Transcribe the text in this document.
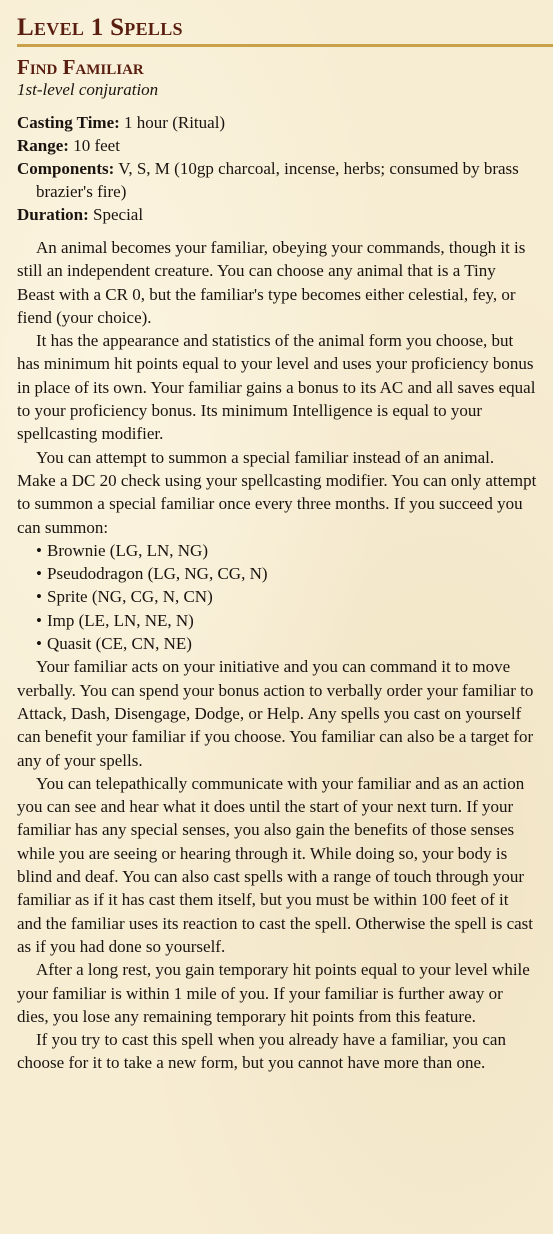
Level 1 Spells
Find Familiar

1st-level conjuration

Casting Time: 1 hour (Ritual)

Range: 10 feet

Components: V, S, M (10gp charcoal, incense, herbs; consumed by brass brazier's fire)

Duration: Special

An animal becomes your familiar, obeying your commands, though it is still an independent creature. You can choose any animal that is a Tiny Beast with a CR 0, but the familiar's type becomes either celestial, fey, or fiend (your choice).

It has the appearance and statistics of the animal form you choose, but has minimum hit points equal to your level and uses your proficiency bonus in place of its own. Your familiar gains a bonus to its AC and all saves equal to your proficiency bonus. Its minimum Intelligence is equal to your spellcasting modifier.

You can attempt to summon a special familiar instead of an animal. Make a DC 20 check using your spellcasting modifier. You can only attempt to summon a special familiar once every three months. If you succeed you can summon:

• Brownie (LG, LN, NG)
• Pseudodragon (LG, NG, CG, N)
• Sprite (NG, CG, N, CN)
• Imp (LE, LN, NE, N)
• Quasit (CE, CN, NE)

Your familiar acts on your initiative and you can command it to move verbally. You can spend your bonus action to verbally order your familiar to Attack, Dash, Disengage, Dodge, or Help. Any spells you cast on yourself can benefit your familiar if you choose. You familiar can also be a target for any of your spells.

You can telepathically communicate with your familiar and as an action you can see and hear what it does until the start of your next turn. If your familiar has any special senses, you also gain the benefits of those senses while you are seeing or hearing through it. While doing so, your body is blind and deaf. You can also cast spells with a range of touch through your familiar as if it has cast them itself, but you must be within 100 feet of it and the familiar uses its reaction to cast the spell. Otherwise the spell is cast as if you had done so yourself.

After a long rest, you gain temporary hit points equal to your level while your familiar is within 1 mile of you. If your familiar is further away or dies, you lose any remaining temporary hit points from this feature.

If you try to cast this spell when you already have a familiar, you can choose for it to take a new form, but you cannot have more than one.
